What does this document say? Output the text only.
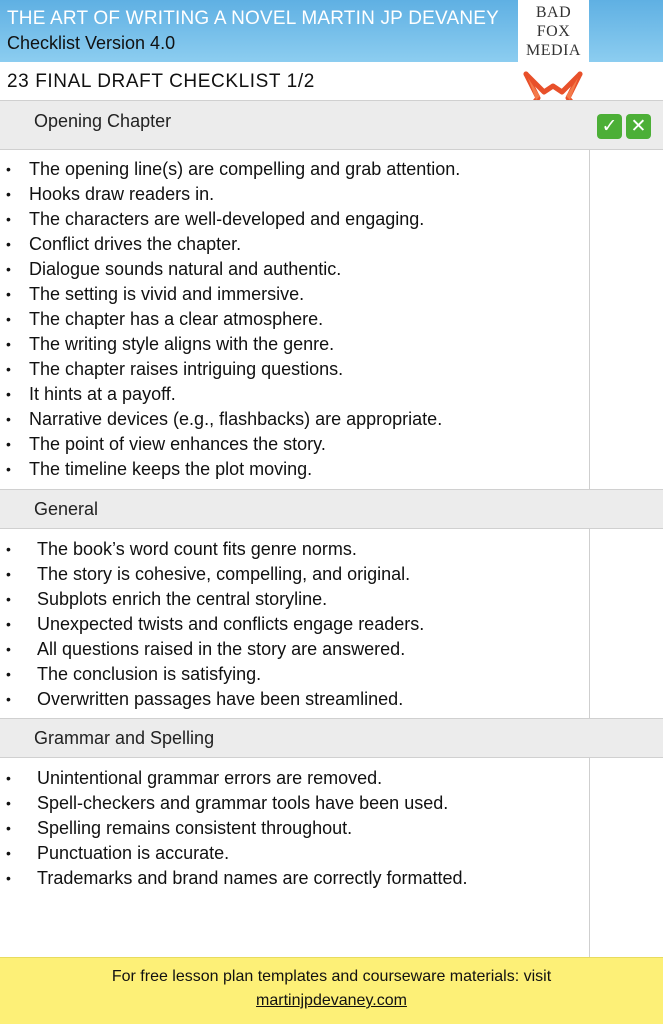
THE ART OF WRITING A NOVEL MARTIN JP DEVANEY
Checklist Version 4.0
BAD
FOX
MEDIA
23 FINAL DRAFT CHECKLIST 1/2
Opening Chapter	✓ ✕
• The opening line(s) are compelling and grab attention.
• Hooks draw readers in.
• The characters are well-developed and engaging.
• Conflict drives the chapter.
• Dialogue sounds natural and authentic.
• The setting is vivid and immersive.
• The chapter has a clear atmosphere.
• The writing style aligns with the genre.
• The chapter raises intriguing questions.
• It hints at a payoff.
• Narrative devices (e.g., flashbacks) are appropriate.
• The point of view enhances the story.
• The timeline keeps the plot moving.
General
• The book’s word count fits genre norms.
• The story is cohesive, compelling, and original.
• Subplots enrich the central storyline.
• Unexpected twists and conflicts engage readers.
• All questions raised in the story are answered.
• The conclusion is satisfying.
• Overwritten passages have been streamlined.
Grammar and Spelling
• Unintentional grammar errors are removed.
• Spell-checkers and grammar tools have been used.
• Spelling remains consistent throughout.
• Punctuation is accurate.
• Trademarks and brand names are correctly formatted.
For free lesson plan templates and courseware materials: visit
martinjpdevaney.com
